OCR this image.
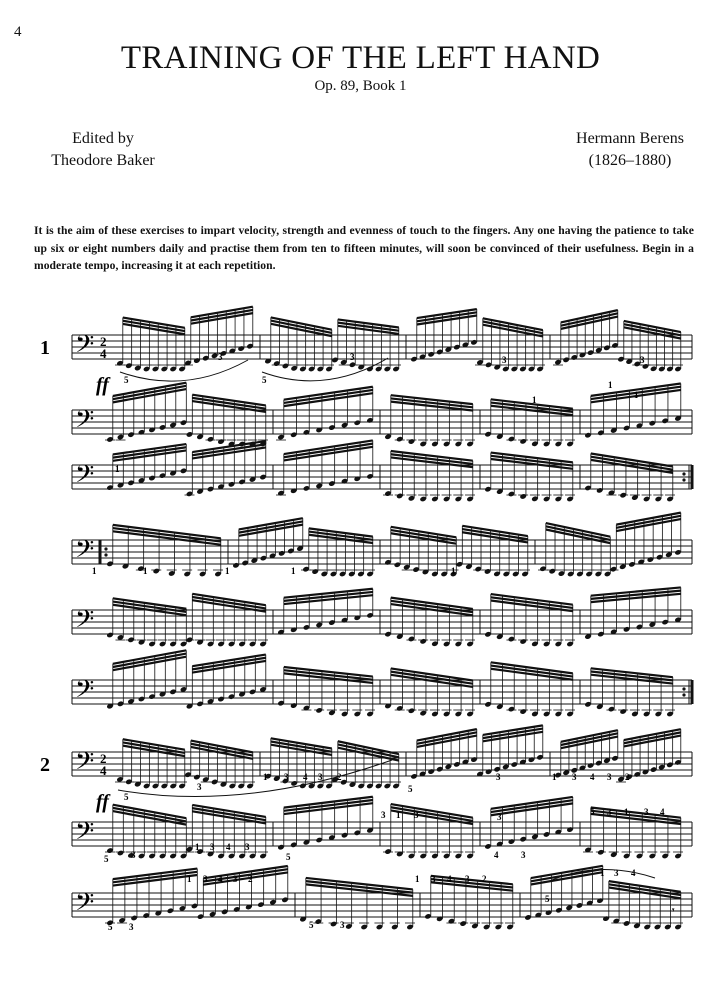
4
TRAINING OF THE LEFT HAND
Op. 89, Book 1
Edited by
Theodore Baker
Hermann Berens
(1826–1880)
It is the aim of these exercises to impart velocity, strength and evenness of touch to the fingers. Any one having the patience to take up six or eight numbers daily and practise them from ten to fifteen minutes, will soon be convinced of their usefulness. Begin in a moderate tempo, increasing it at each repetition.
𝄢
1	2
4
ff
𝄢
𝄢
𝄢
𝄢
𝄢
𝄢
2	2
4
ff
𝄢
𝄢
5
3
5
3	3	3
1
1
1
1
1	1	1	1	1
5
3
1 3 4 3 2
5
3	1 3 4 3 2
5	3
1 3 4 3
5
3 1 3
4	3
5 3 1 3 4
3
5 3
1 3 4 3 2
5	3
1 3 4 3 2
5
1 3 4
𝄾
